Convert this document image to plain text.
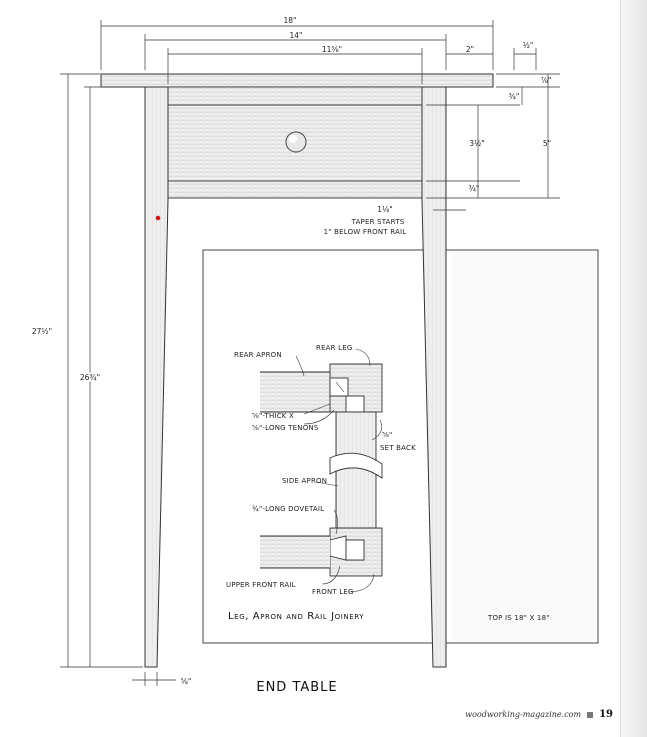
18"
14"
11⅝"	2"	½"
⅞"
¾"
3½"	5"
¾"
1⅛"
TAPER STARTS
1" BELOW FRONT RAIL
27½"
26¾"
⅝"
REAR APRON
REAR LEG
⅝"-THICK X
⅝"-LONG TENONS
⅝"
SET BACK
SIDE APRON
¾"-LONG DOVETAIL
UPPER FRONT RAIL
FRONT LEG
Leg, Apron and Rail Joinery	TOP IS 18" X 18"
END TABLE
woodworking-magazine.com 19
